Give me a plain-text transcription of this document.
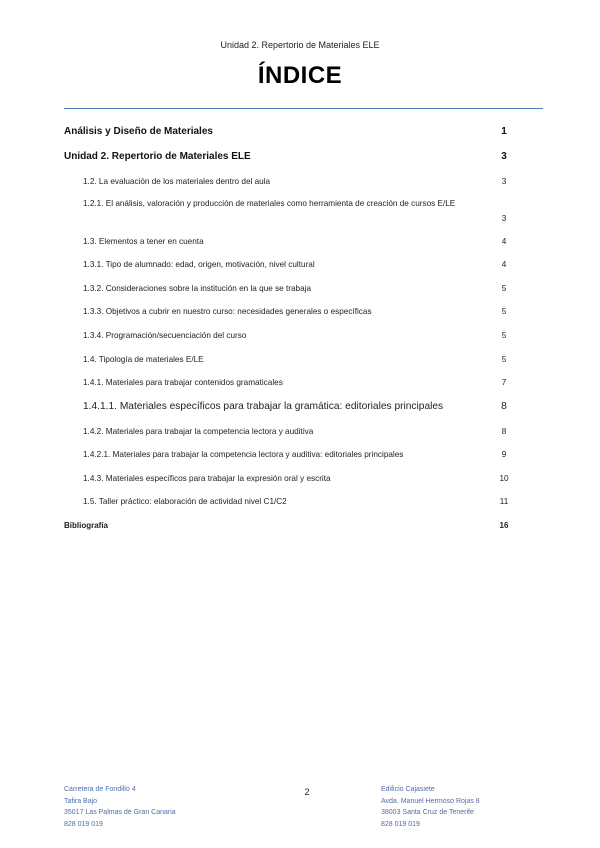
Unidad 2. Repertorio de Materiales ELE
ÍNDICE
Análisis y Diseño de Materiales	1
Unidad 2. Repertorio de Materiales ELE	3
1.2. La evaluación de los materiales dentro del aula	3
1.2.1. El análisis, valoración y producción de materiales como herramienta de creación de cursos E/LE
3
1.3. Elementos a tener en cuenta	4
1.3.1. Tipo de alumnado: edad, origen, motivación, nivel cultural	4
1.3.2. Consideraciones sobre la institución en la que se trabaja	5
1.3.3. Objetivos a cubrir en nuestro curso: necesidades generales o específicas	5
1.3.4. Programación/secuenciación del curso	5
1.4. Tipología de materiales E/LE	5
1.4.1. Materiales para trabajar contenidos gramaticales	7
1.4.1.1. Materiales específicos para trabajar la gramática: editoriales principales	8
1.4.2. Materiales para trabajar la competencia lectora y auditiva	8
1.4.2.1. Materiales para trabajar la competencia lectora y auditiva: editoriales principales	9
1.4.3. Materiales específicos para trabajar la expresión oral y escrita	10
1.5. Taller práctico: elaboración de actividad nivel C1/C2	11
Bibliografía	16
2
Carretera de Fondillo 4
Tafira Bajo
35017 Las Palmas de Gran Canaria
828 019 019
Edificio Cajasiete
Avda. Manuel Hermoso Rojas 8
38003 Santa Cruz de Tenerife
828 019 019
